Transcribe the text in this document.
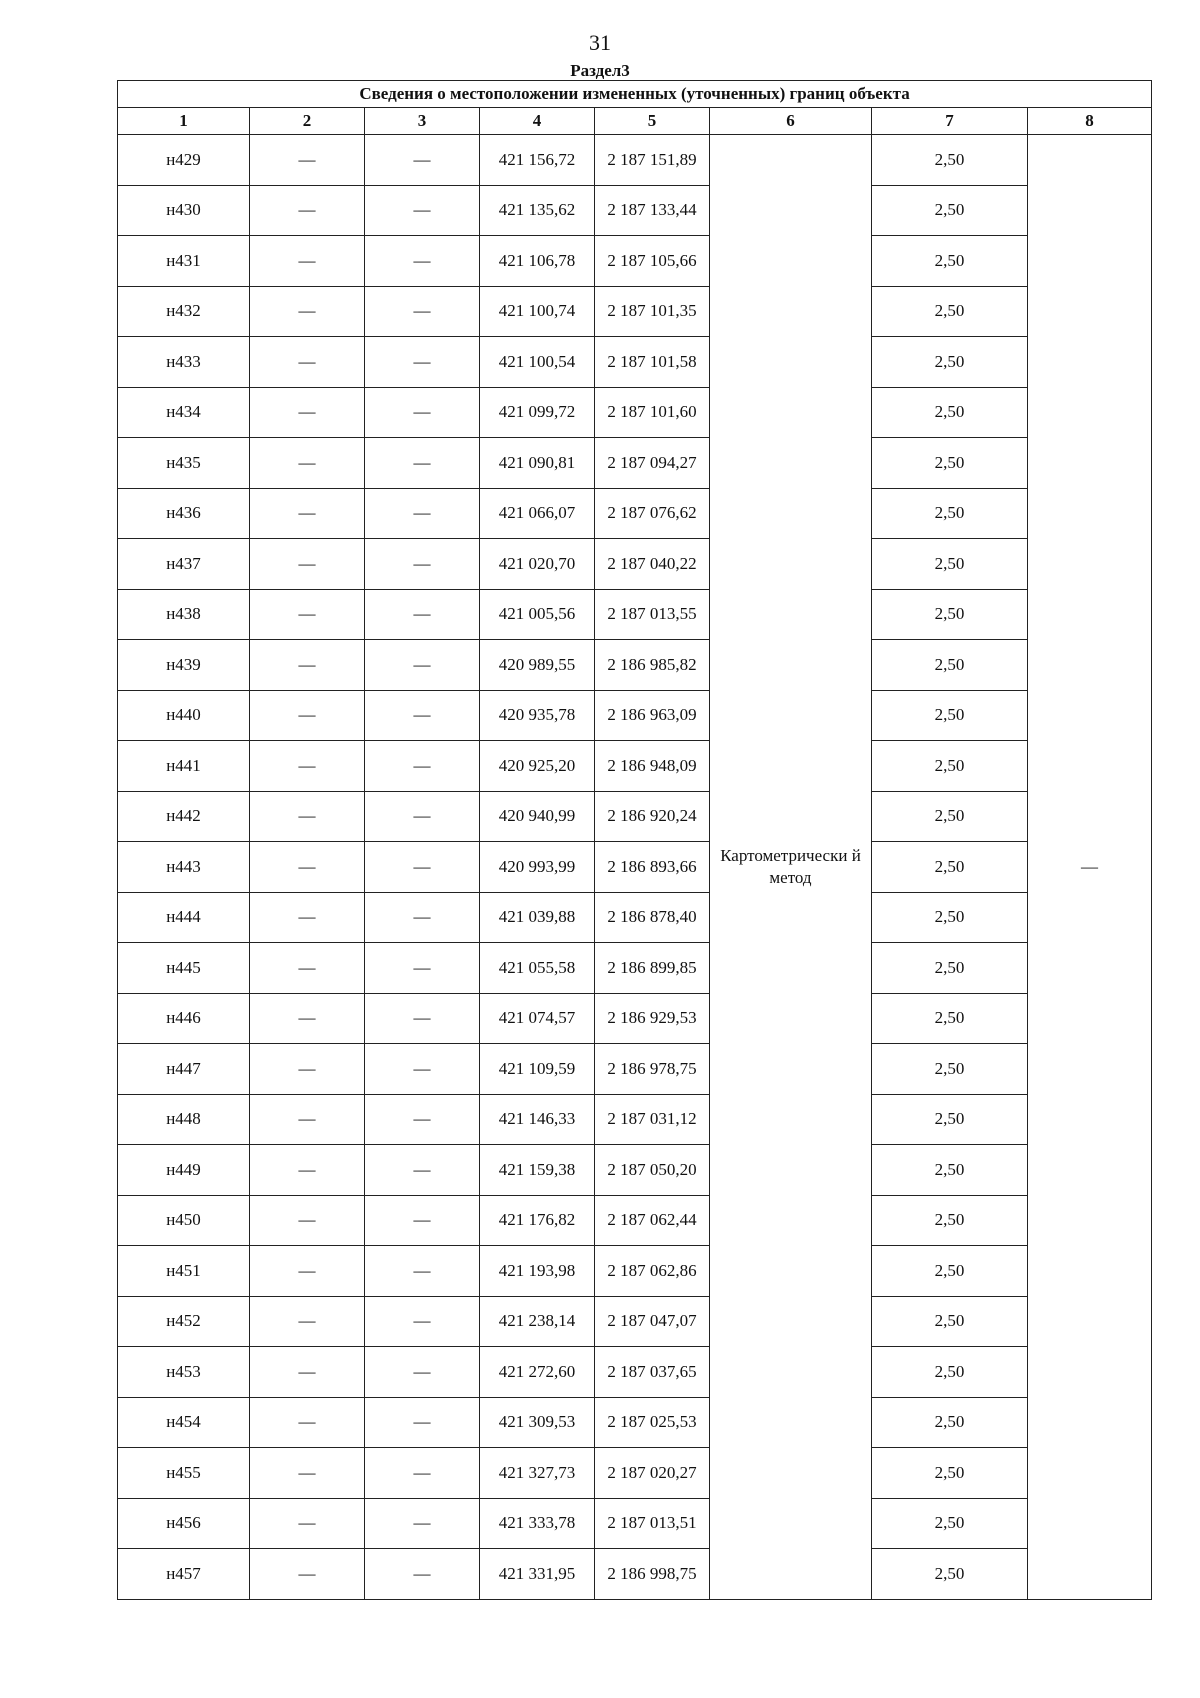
31
Раздел3
Сведения о местоположении измененных (уточненных) границ объекта							
1	2	3	4	5	6	7	8
н429	—	—	421 156,72	2 187 151,89	Картометрически й метод	2,50	—
н430	—	—	421 135,62	2 187 133,44		2,50	
н431	—	—	421 106,78	2 187 105,66		2,50	
н432	—	—	421 100,74	2 187 101,35		2,50	
н433	—	—	421 100,54	2 187 101,58		2,50	
н434	—	—	421 099,72	2 187 101,60		2,50	
н435	—	—	421 090,81	2 187 094,27		2,50	
н436	—	—	421 066,07	2 187 076,62		2,50	
н437	—	—	421 020,70	2 187 040,22		2,50	
н438	—	—	421 005,56	2 187 013,55		2,50	
н439	—	—	420 989,55	2 186 985,82		2,50	
н440	—	—	420 935,78	2 186 963,09		2,50	
н441	—	—	420 925,20	2 186 948,09		2,50	
н442	—	—	420 940,99	2 186 920,24		2,50	
н443	—	—	420 993,99	2 186 893,66		2,50	
н444	—	—	421 039,88	2 186 878,40		2,50	
н445	—	—	421 055,58	2 186 899,85		2,50	
н446	—	—	421 074,57	2 186 929,53		2,50	
н447	—	—	421 109,59	2 186 978,75		2,50	
н448	—	—	421 146,33	2 187 031,12		2,50	
н449	—	—	421 159,38	2 187 050,20		2,50	
н450	—	—	421 176,82	2 187 062,44		2,50	
н451	—	—	421 193,98	2 187 062,86		2,50	
н452	—	—	421 238,14	2 187 047,07		2,50	
н453	—	—	421 272,60	2 187 037,65		2,50	
н454	—	—	421 309,53	2 187 025,53		2,50	
н455	—	—	421 327,73	2 187 020,27		2,50	
н456	—	—	421 333,78	2 187 013,51		2,50	
н457	—	—	421 331,95	2 186 998,75		2,50	
